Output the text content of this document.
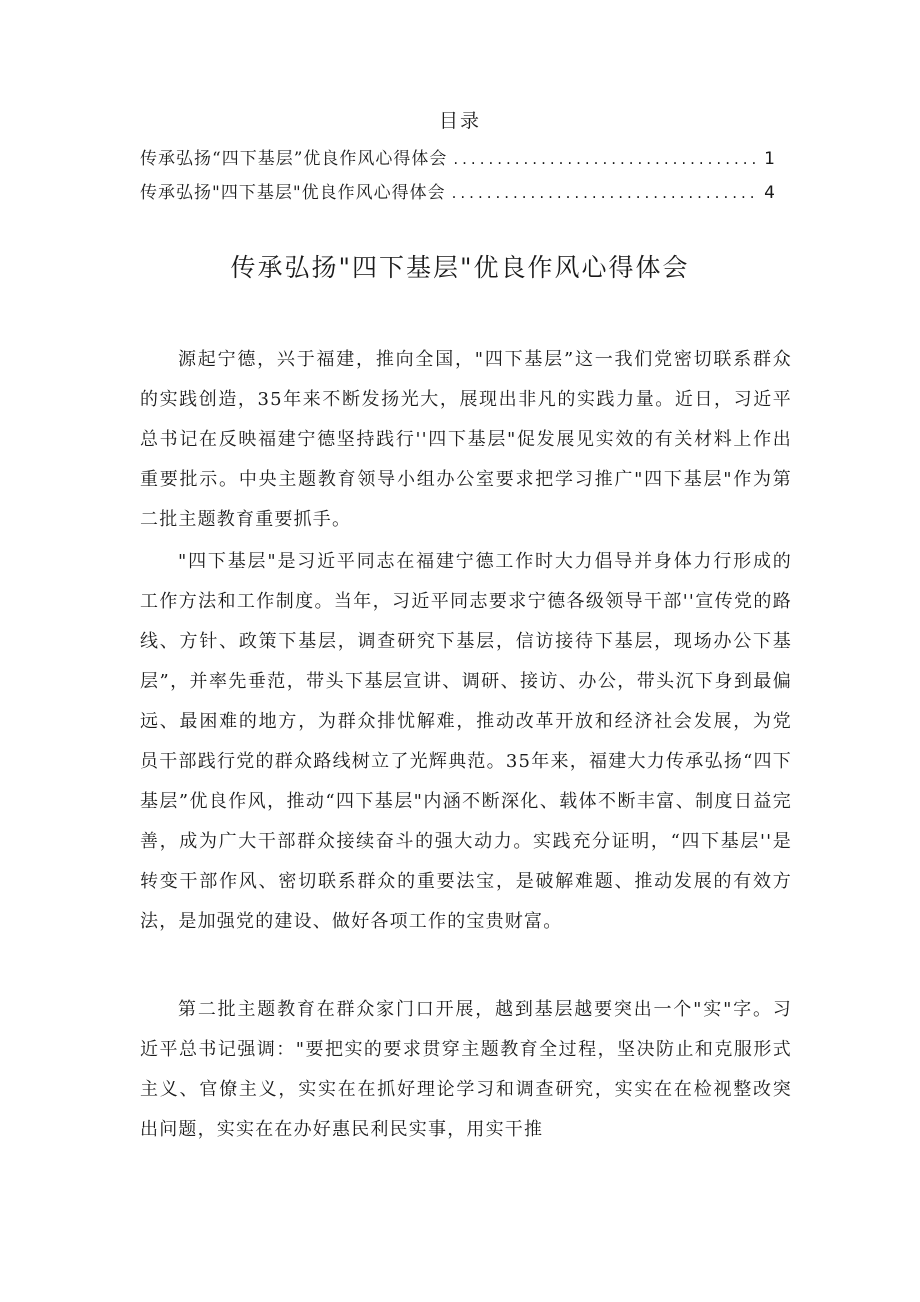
目录
传承弘扬“四下基层”优良作风心得体会 .....	1
传承弘扬"四下基层"优良作风心得体会 .....	4
传承弘扬"四下基层"优良作风心得体会

源起宁德，兴于福建，推向全国，"四下基层”这一我们党密切联系群众的实践创造，35年来不断发扬光大，展现出非凡的实践力量。近日，习近平总书记在反映福建宁德坚持践行''四下基层"促发展见实效的有关材料上作出重要批示。中央主题教育领导小组办公室要求把学习推广"四下基层"作为第二批主题教育重要抓手。

"四下基层"是习近平同志在福建宁德工作时大力倡导并身体力行形成的工作方法和工作制度。当年，习近平同志要求宁德各级领导干部''宣传党的路线、方针、政策下基层，调查研究下基层，信访接待下基层，现场办公下基层”，并率先垂范，带头下基层宣讲、调研、接访、办公，带头沉下身到最偏远、最困难的地方，为群众排忧解难，推动改革开放和经济社会发展，为党员干部践行党的群众路线树立了光辉典范。35年来，福建大力传承弘扬“四下基层”优良作风，推动“四下基层"内涵不断深化、载体不断丰富、制度日益完善，成为广大干部群众接续奋斗的强大动力。实践充分证明，“四下基层''是转变干部作风、密切联系群众的重要法宝，是破解难题、推动发展的有效方法，是加强党的建设、做好各项工作的宝贵财富。

第二批主题教育在群众家门口开展，越到基层越要突出一个"实"字。习近平总书记强调："要把实的要求贯穿主题教育全过程，坚决防止和克服形式主义、官僚主义，实实在在抓好理论学习和调查研究，实实在在检视整改突出问题，实实在在办好惠民利民实事，用实干推
